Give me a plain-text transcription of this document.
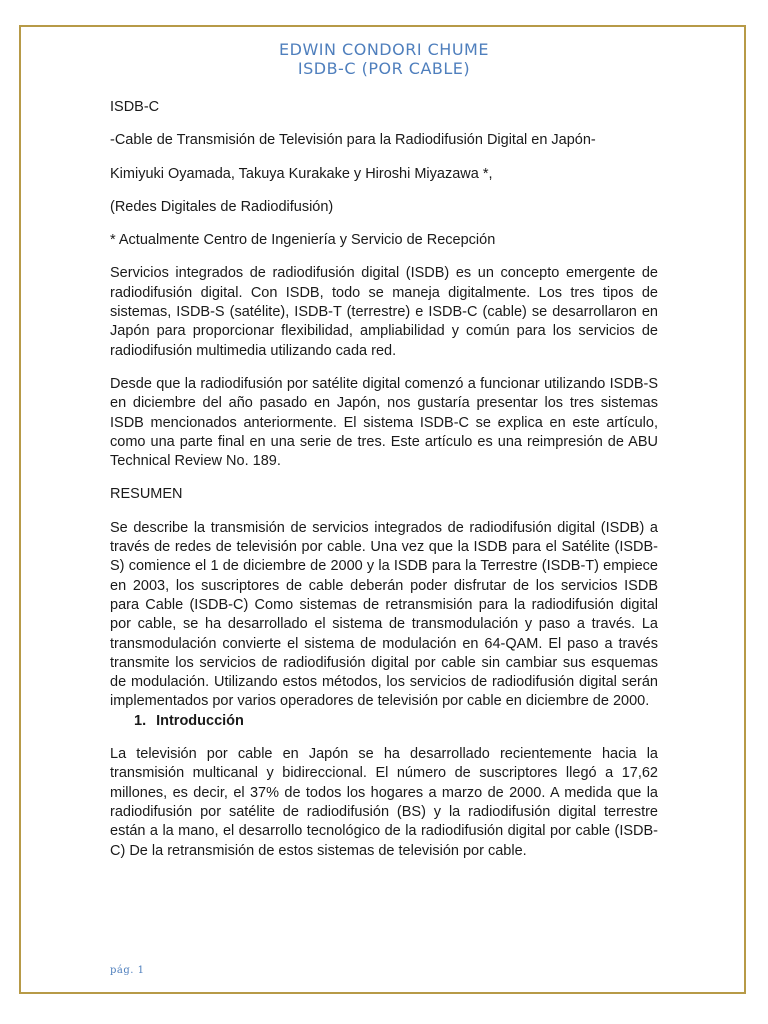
EDWIN CONDORI CHUME

ISDB-C (POR CABLE)

ISDB-C

-Cable de Transmisión de Televisión para la Radiodifusión Digital en Japón-

Kimiyuki Oyamada, Takuya Kurakake y Hiroshi Miyazawa *,

(Redes Digitales de Radiodifusión)

* Actualmente Centro de Ingeniería y Servicio de Recepción

Servicios integrados de radiodifusión digital (ISDB) es un concepto emergente de radiodifusión digital. Con ISDB, todo se maneja digitalmente. Los tres tipos de sistemas, ISDB-S (satélite), ISDB-T (terrestre) e ISDB-C (cable) se desarrollaron en Japón para proporcionar flexibilidad, ampliabilidad y común para los servicios de radiodifusión multimedia utilizando cada red.

Desde que la radiodifusión por satélite digital comenzó a funcionar utilizando ISDB-S en diciembre del año pasado en Japón, nos gustaría presentar los tres sistemas ISDB mencionados anteriormente. El sistema ISDB-C se explica en este artículo, como una parte final en una serie de tres. Este artículo es una reimpresión de ABU Technical Review No. 189.

RESUMEN

Se describe la transmisión de servicios integrados de radiodifusión digital (ISDB) a través de redes de televisión por cable. Una vez que la ISDB para el Satélite (ISDB-S) comience el 1 de diciembre de 2000 y la ISDB para la Terrestre (ISDB-T) empiece en 2003, los suscriptores de cable deberán poder disfrutar de los servicios ISDB para Cable (ISDB-C) Como sistemas de retransmisión para la radiodifusión digital por cable, se ha desarrollado el sistema de transmodulación y paso a través. La transmodulación convierte el sistema de modulación en 64-QAM. El paso a través transmite los servicios de radiodifusión digital por cable sin cambiar sus esquemas de modulación. Utilizando estos métodos, los servicios de radiodifusión digital serán implementados por varios operadores de televisión por cable en diciembre de 2000.

1. Introducción

La televisión por cable en Japón se ha desarrollado recientemente hacia la transmisión multicanal y bidireccional. El número de suscriptores llegó a 17,62 millones, es decir, el 37% de todos los hogares a marzo de 2000. A medida que la radiodifusión por satélite de radiodifusión (BS) y la radiodifusión digital terrestre están a la mano, el desarrollo tecnológico de la radiodifusión digital por cable (ISDB-C) De la retransmisión de estos sistemas de televisión por cable.

pág. 1
